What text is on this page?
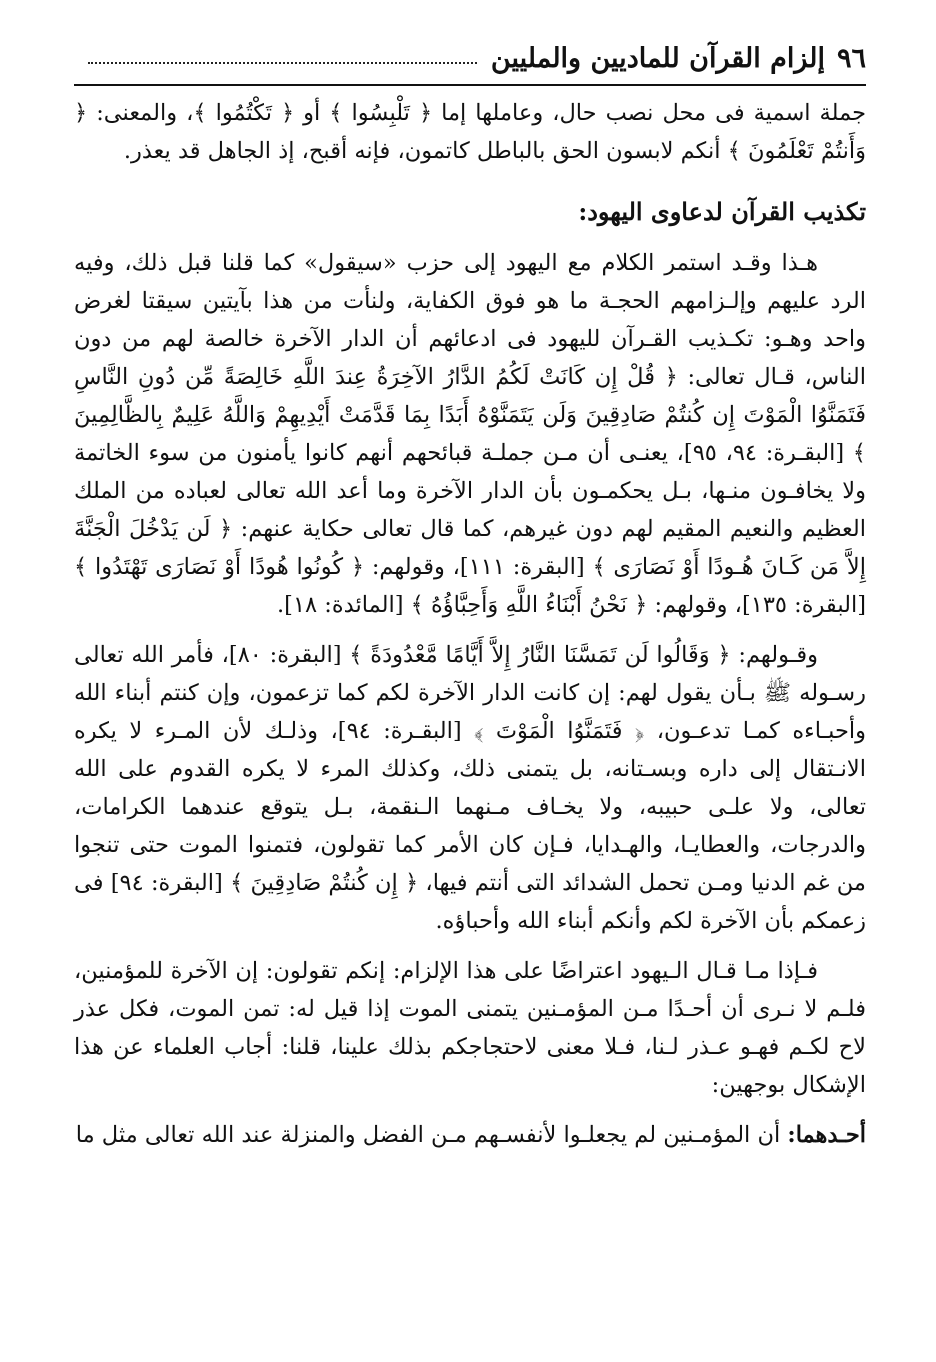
٩٦
إلزام القرآن للماديين والمليين

جملة اسمية فى محل نصب حال، وعاملها إما ﴿ تَلْبِسُوا ﴾ أو ﴿ تَكْتُمُوا ﴾، والمعنى: ﴿ وَأَنتُمْ تَعْلَمُونَ ﴾ أنكم لابسون الحق بالباطل كاتمون، فإنه أقبح، إذ الجاهل قد يعذر.

تكذيب القرآن لدعاوى اليهود:

هـذا وقـد استمر الكلام مع اليهود إلى حزب «سيقول» كما قلنا قبل ذلك، وفيه الرد عليهم وإلـزامهم الحجـة ما هو فوق الكفاية، ولنأت من هذا بآيتين سيقتا لغرض واحد وهـو: تكـذيب القـرآن لليهود فى ادعائهم أن الدار الآخرة خالصة لهم من دون الناس، قـال تعالى: ﴿ قُلْ إِن كَانَتْ لَكُمُ الدَّارُ الآخِرَةُ عِندَ اللَّهِ خَالِصَةً مِّن دُونِ النَّاسِ فَتَمَنَّوُا الْمَوْتَ إِن كُنتُمْ صَادِقِينَ وَلَن يَتَمَنَّوْهُ أَبَدًا بِمَا قَدَّمَتْ أَيْدِيهِمْ وَاللَّهُ عَلِيمٌ بِالظَّالِمِينَ ﴾ [البقـرة: ٩٤، ٩٥]، يعنـى أن مـن جملـة قبائحهم أنهم كانوا يأمنون من سوء الخاتمة ولا يخافـون منـها، بـل يحكمـون بأن الدار الآخرة وما أعد الله تعالى لعباده من الملك العظيم والنعيم المقيم لهم دون غيرهم، كما قال تعالى حكاية عنهم: ﴿ لَن يَدْخُلَ الْجَنَّةَ إِلاَّ مَن كَـانَ هُـودًا أَوْ نَصَارَى ﴾ [البقرة: ١١١]، وقولهم: ﴿ كُونُوا هُودًا أَوْ نَصَارَى تَهْتَدُوا ﴾ [البقرة: ١٣٥]، وقولهم: ﴿ نَحْنُ أَبْنَاءُ اللَّهِ وَأَحِبَّاؤُهُ ﴾ [المائدة: ١٨].

وقـولهم: ﴿ وَقَالُوا لَن تَمَسَّنَا النَّارُ إِلاَّ أَيَّامًا مَّعْدُودَةً ﴾ [البقرة: ٨٠]، فأمر الله تعالى رسـوله ﷺ بـأن يقول لهم: إن كانت الدار الآخرة لكم كما تزعمون، وإن كنتم أبناء الله وأحبـاءه كمـا تدعـون، ﴿ فَتَمَنَّوُا الْمَوْتَ ﴾ [البقـرة: ٩٤]، وذلـك لأن المـرء لا يكره الانـتقال إلى داره وبسـتانه، بل يتمنى ذلك، وكذلك المرء لا يكره القدوم على الله تعالى، ولا علـى حبيبه، ولا يخـاف مـنهما الـنقمة، بـل يتوقع عندهما الكرامات، والدرجات، والعطايـا، والهـدايا، فـإن كان الأمر كما تقولون، فتمنوا الموت حتى تنجوا من غم الدنيا ومـن تحمل الشدائد التى أنتم فيها، ﴿ إِن كُنتُمْ صَادِقِينَ ﴾ [البقرة: ٩٤] فى زعمكم بأن الآخرة لكم وأنكم أبناء الله وأحباؤه.

فـإذا مـا قـال الـيهود اعتراضًا على هذا الإلزام: إنكم تقولون: إن الآخرة للمؤمنين، فلـم لا نـرى أن أحـدًا مـن المؤمـنين يتمنى الموت إذا قيل له: تمن الموت، فكل عذر لاح لكـم فهـو عـذر لـنا، فـلا معنى لاحتجاجكم بذلك علينا، قلنا: أجاب العلماء عن هذا الإشكال بوجهين:

أحـدهما: أن المؤمـنين لم يجعلـوا لأنفسـهم مـن الفضل والمنزلة عند الله تعالى مثل ما
